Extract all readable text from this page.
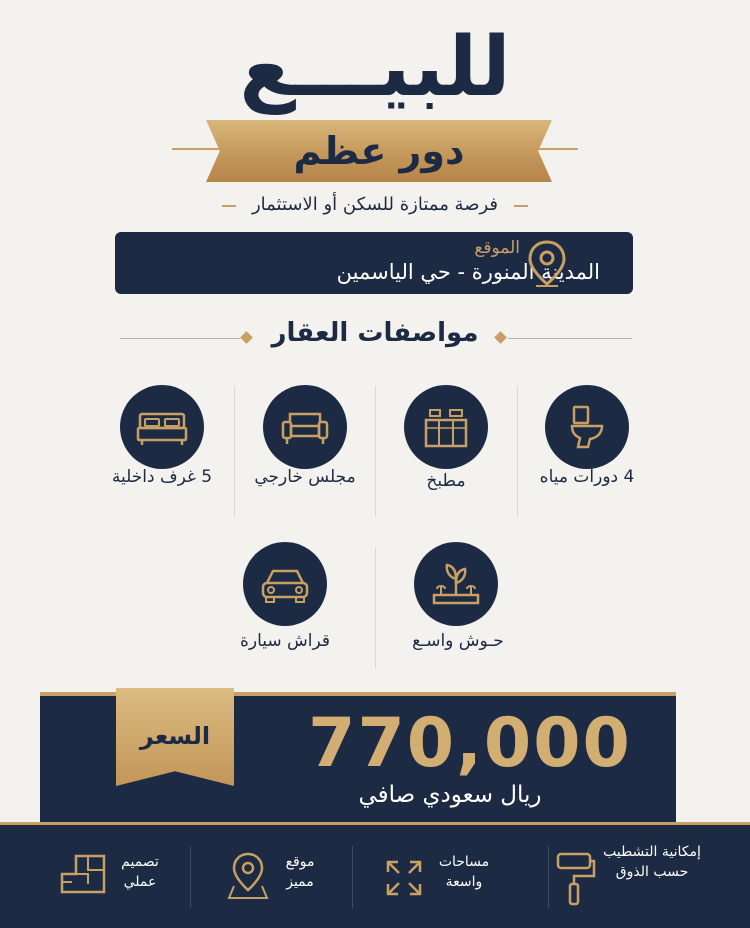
للبيـــع
دور عظم
فرصة ممتازة للسكن أو الاستثمار
الموقع
المدينة المنورة - حي الياسمين
مواصفات العقار
4 دورات مياه
مطبخ
مجلس خارجي
5 غرف داخلية
حـوش واسـع
قراش سيارة
السعر	770,000
ريال سعودي صافي
إمكانية التشطيب حسب الذوق
مساحات واسعة
موقع مميز
تصميم عملي
